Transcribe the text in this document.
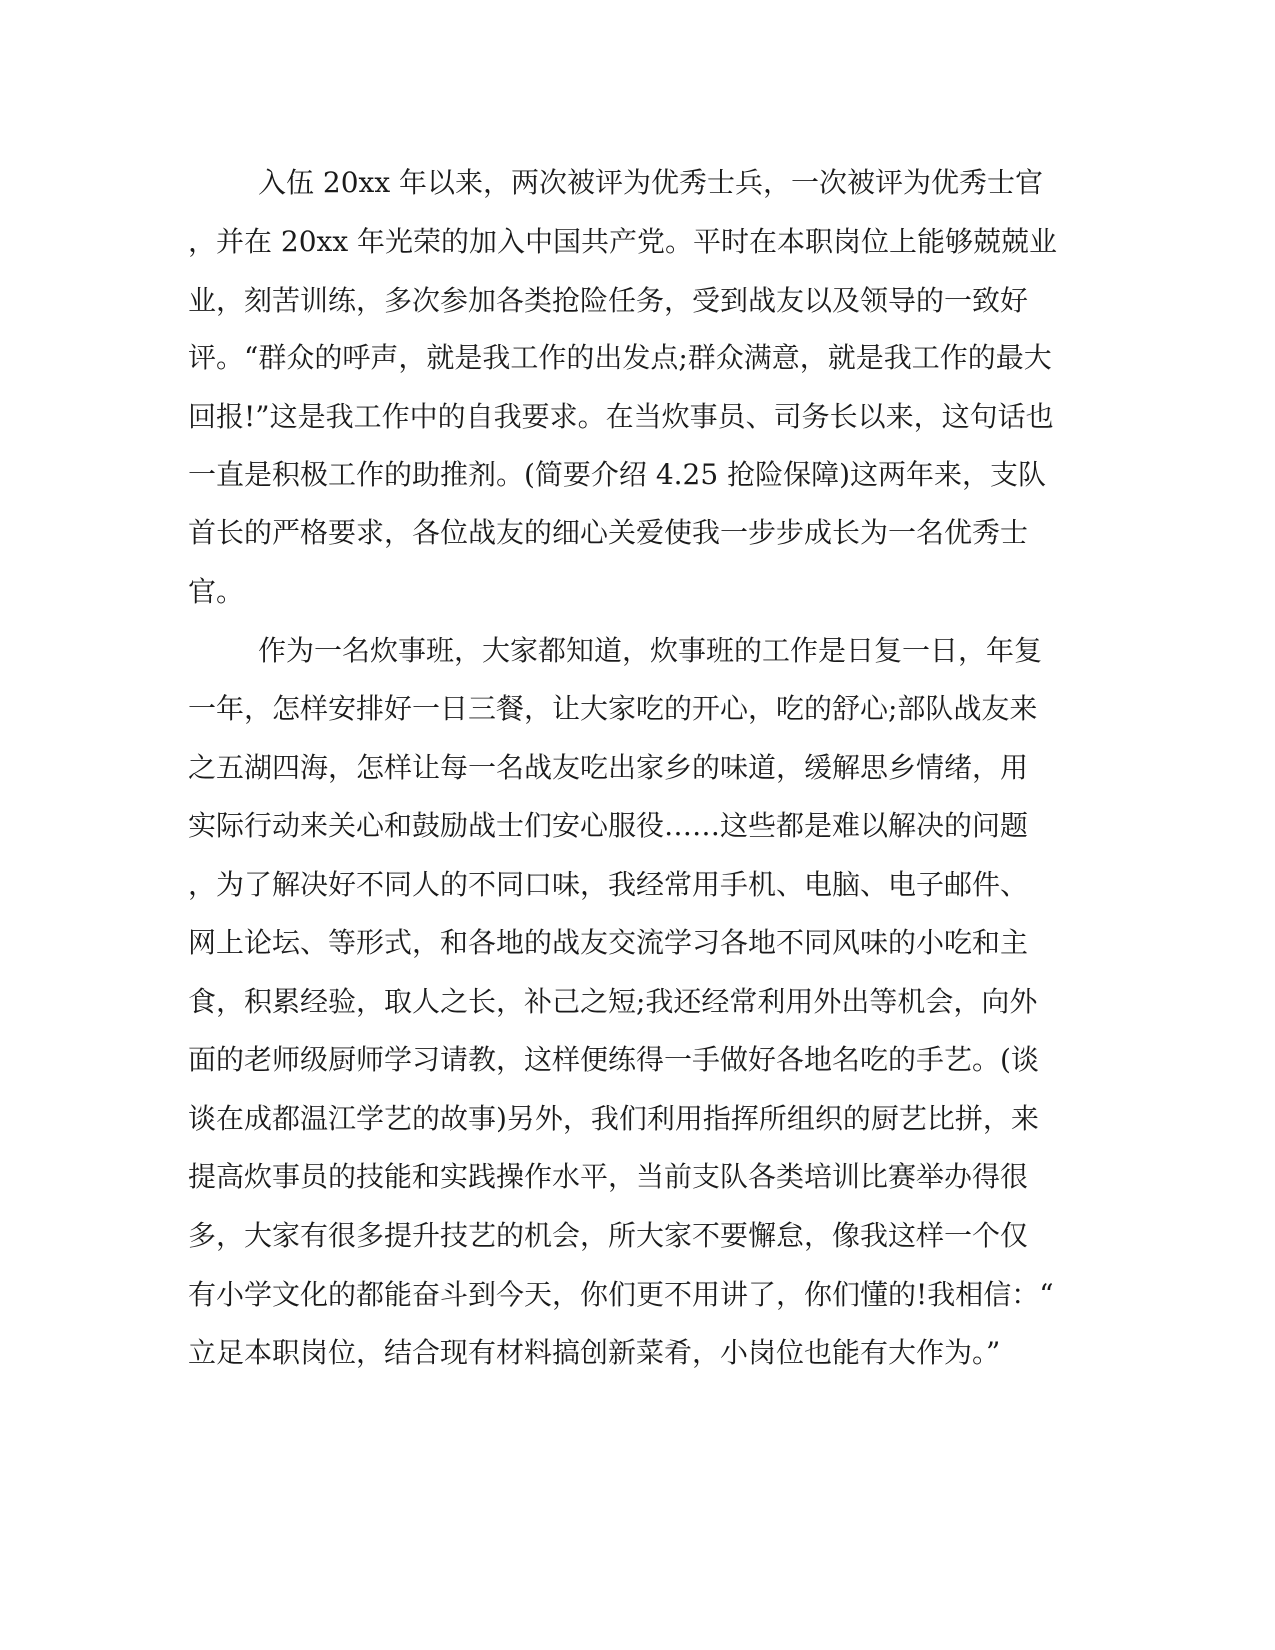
入伍 20xx 年以来，两次被评为优秀士兵，一次被评为优秀士官
，并在 20xx 年光荣的加入中国共产党。平时在本职岗位上能够兢兢业
业，刻苦训练，多次参加各类抢险任务，受到战友以及领导的一致好
评。“群众的呼声，就是我工作的出发点;群众满意，就是我工作的最大
回报!”这是我工作中的自我要求。在当炊事员、司务长以来，这句话也
一直是积极工作的助推剂。(简要介绍 4.25 抢险保障)这两年来，支队
首长的严格要求，各位战友的细心关爱使我一步步成长为一名优秀士
官。
作为一名炊事班，大家都知道，炊事班的工作是日复一日，年复
一年，怎样安排好一日三餐，让大家吃的开心，吃的舒心;部队战友来
之五湖四海，怎样让每一名战友吃出家乡的味道，缓解思乡情绪，用
实际行动来关心和鼓励战士们安心服役……这些都是难以解决的问题
，为了解决好不同人的不同口味，我经常用手机、电脑、电子邮件、
网上论坛、等形式，和各地的战友交流学习各地不同风味的小吃和主
食，积累经验，取人之长，补己之短;我还经常利用外出等机会，向外
面的老师级厨师学习请教，这样便练得一手做好各地名吃的手艺。(谈
谈在成都温江学艺的故事)另外，我们利用指挥所组织的厨艺比拼，来
提高炊事员的技能和实践操作水平，当前支队各类培训比赛举办得很
多，大家有很多提升技艺的机会，所大家不要懈怠，像我这样一个仅
有小学文化的都能奋斗到今天，你们更不用讲了，你们懂的!我相信：“
立足本职岗位，结合现有材料搞创新菜肴，小岗位也能有大作为。”
